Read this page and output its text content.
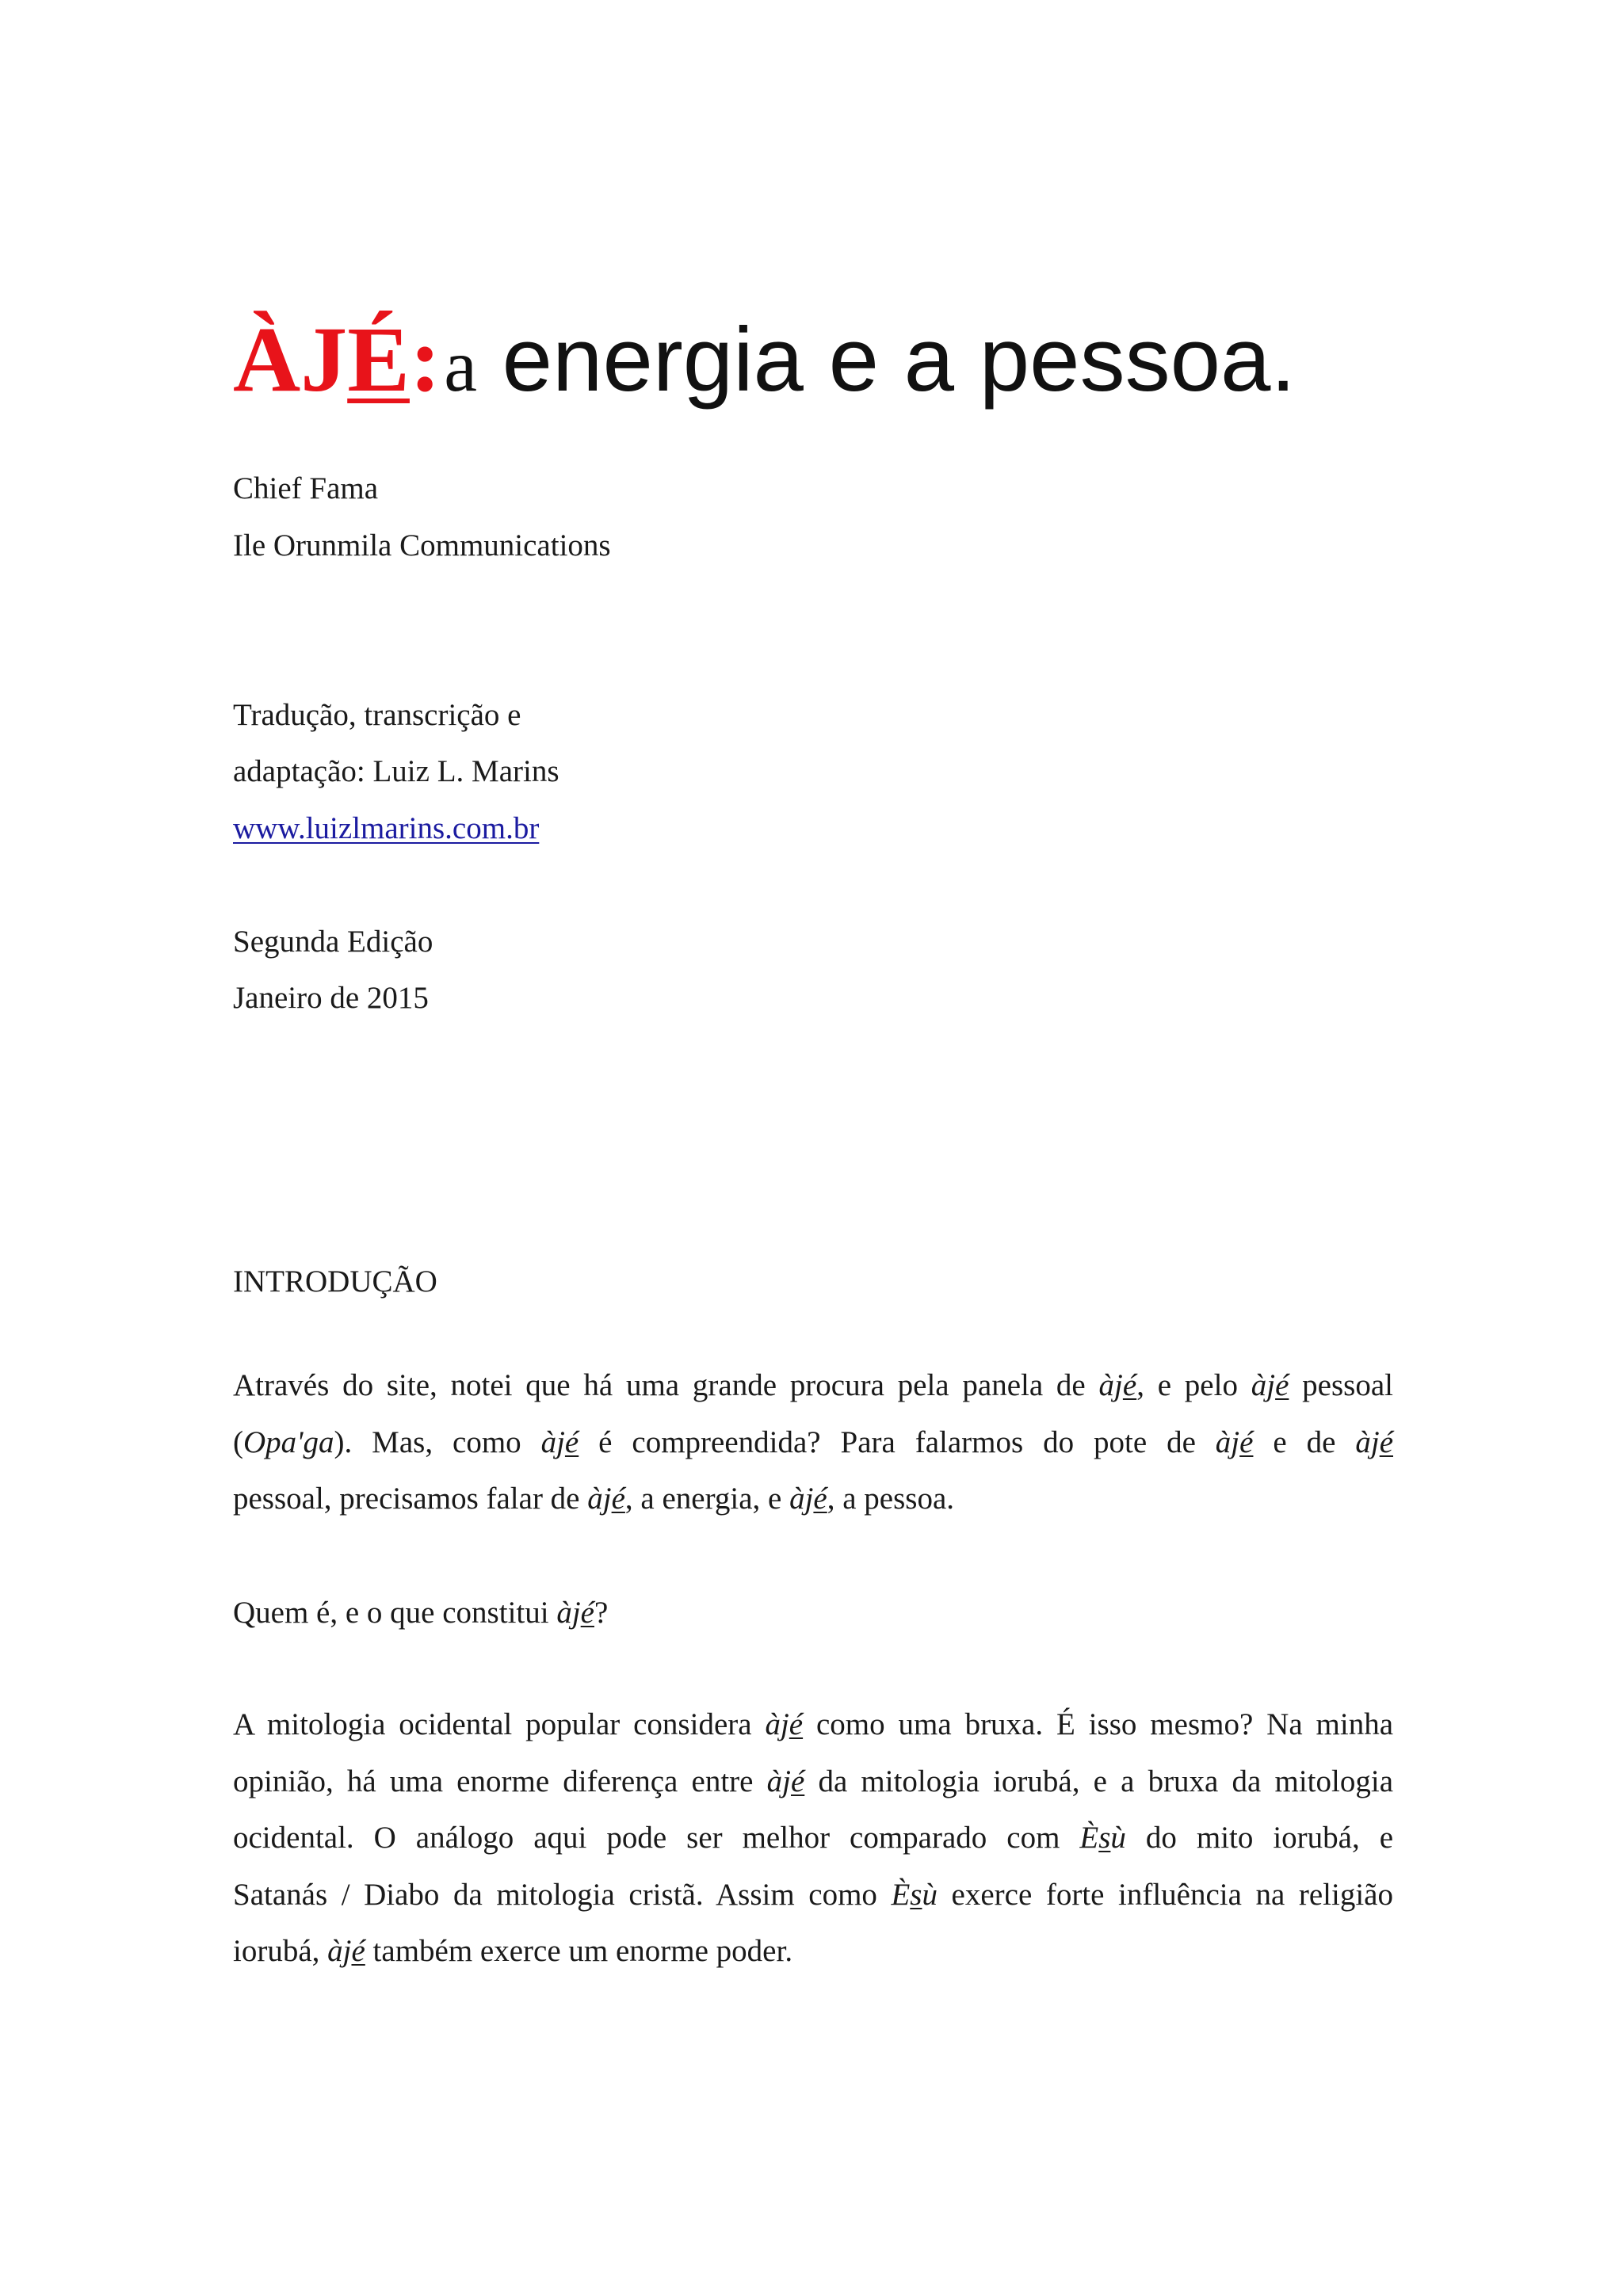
ÀJÉ: a energia e a pessoa.
Chief Fama
Ile Orunmila Communications
Tradução, transcrição e
adaptação: Luiz L. Marins
www.luizlmarins.com.br
Segunda Edição
Janeiro de 2015
INTRODUÇÃO
Através do site, notei que há uma grande procura pela panela de àjé, e pelo àjé pessoal
(Opa'ga). Mas, como àjé é compreendida? Para falarmos do pote de àjé e de àjé
pessoal, precisamos falar de àjé, a energia, e àjé, a pessoa.
Quem é, e o que constitui àjé?
A mitologia ocidental popular considera àjé como uma bruxa. É isso mesmo? Na minha
opinião, há uma enorme diferença entre àjé da mitologia iorubá, e a bruxa da mitologia
ocidental. O análogo aqui pode ser melhor comparado com Èsù do mito iorubá, e
Satanás / Diabo da mitologia cristã. Assim como Èsù exerce forte influência na religião
iorubá, àjé também exerce um enorme poder.
